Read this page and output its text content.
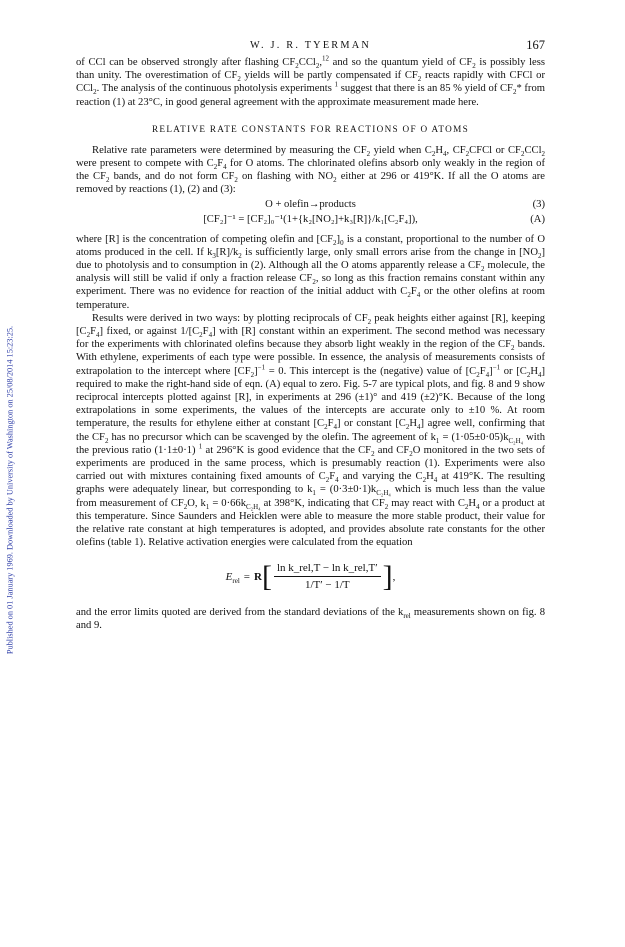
Published on 01 January 1969. Downloaded by University of Washington on 25/08/2014 15:23:25.
W. J. R. TYERMAN	167

of CCl can be observed strongly after flashing $CF_2CCl_2,^{12}$ and so the quantum yield of $CF_2$ is possibly less than unity. The overestimation of $CF_2$ yields will be partly compensated if $CF_2$ reacts rapidly with CFCl or CCl$_2$. The analysis of the continuous photolysis experiments $^1$ suggest that there is an 85 % yield of $CF_2*$ from reaction (1) at 23°C, in good general agreement with the approximate measurement made here.

RELATIVE RATE CONSTANTS FOR REACTIONS OF O ATOMS

Relative rate parameters were determined by measuring the $CF_2$ yield when $C_2H_4$, $CF_2CFCl$ or $CF_2CCl_2$ were present to compete with $C_2F_4$ for O atoms. The chlorinated olefins absorb only weakly in the region of the $CF_2$ bands, and do not form $CF_2$ on flashing with $NO_2$ either at 296 or 419°K. If all the O atoms are removed by reactions (1), (2) and (3):

O + olefin→products	(3)
[CF₂]⁻¹ = [CF₂]₀⁻¹(1+{k₂[NO₂]+k₃[R]}/k₁[C₂F₄]),	(A)

where [R] is the concentration of competing olefin and $[CF_2]_0$ is a constant, proportional to the number of O atoms produced in the cell. If $k_3[R]/k_2$ is sufficiently large, only small errors arise from the change in $[NO_2]$ due to photolysis and to consumption in (2). Although all the O atoms apparently release a $CF_2$ molecule, the analysis will still be valid if only a fraction release $CF_2$, so long as this fraction remains constant within any experiment. There was no evidence for reaction of the initial adduct with $C_2F_4$ or the other olefins at room temperature.

Results were derived in two ways: by plotting reciprocals of $CF_2$ peak heights either against [R], keeping $[C_2F_4]$ fixed, or against $1/[C_2F_4]$ with [R] constant within an experiment. The second method was necessary for the experiments with chlorinated olefins because they absorb light weakly in the region of the $CF_2$ bands. With ethylene, experiments of each type were possible. In essence, the analysis of measurements consists of extrapolation to the intercept where $[CF_2]^{-1} = 0$. This intercept is the (negative) value of $[C_2F_4]^{-1}$ or $[C_2H_4]$ required to make the right-hand side of eqn. (A) equal to zero. Fig. 5-7 are typical plots, and fig. 8 and 9 show reciprocal intercepts plotted against [R], in experiments at 296 (±1)° and 419 (±2)°K. Because of the long extrapolations in some experiments, the values of the intercepts are accurate only to ±10 %. At room temperature, the results for ethylene either at constant $[C_2F_4]$ or constant $[C_2H_4]$ agree well, confirming that the $CF_2$ has no precursor which can be scavenged by the olefin. The agreement of $k_1 = (1\cdot 05\pm 0\cdot 05)k_{C_2H_4}$ with the previous ratio (1·1±0·1) $^1$ at 296°K is good evidence that the $CF_2$ and $CF_2O$ monitored in the two sets of experiments are produced in the same process, which is presumably reaction (1). Experiments were also carried out with mixtures containing fixed amounts of $C_2F_4$ and varying the $C_2H_4$ at 419°K. The resulting graphs were adequately linear, but corresponding to $k_1 = (0\cdot 3\pm 0\cdot 1)k_{C_2H_4}$ which is much less than the value from measurement of $CF_2O$, $k_1 = 0\cdot 66k_{C_2H_4}$ at 398°K, indicating that $CF_2$ may react with $C_2H_4$ or a product at this temperature. Since Saunders and Heicklen were able to measure the more stable product, their value for the relative rate constant at high temperatures is adopted, and provides absolute rate constants for the other olefins (table 1). Relative activation energies were calculated from the equation

$E_{rel} = R$ [ $\frac{\text{ln k\_rel,T − ln k\_rel,T′}}{1/T' - 1/T}$ ] ,

and the error limits quoted are derived from the standard deviations of the $k_{rel}$ measurements shown on fig. 8 and 9.
